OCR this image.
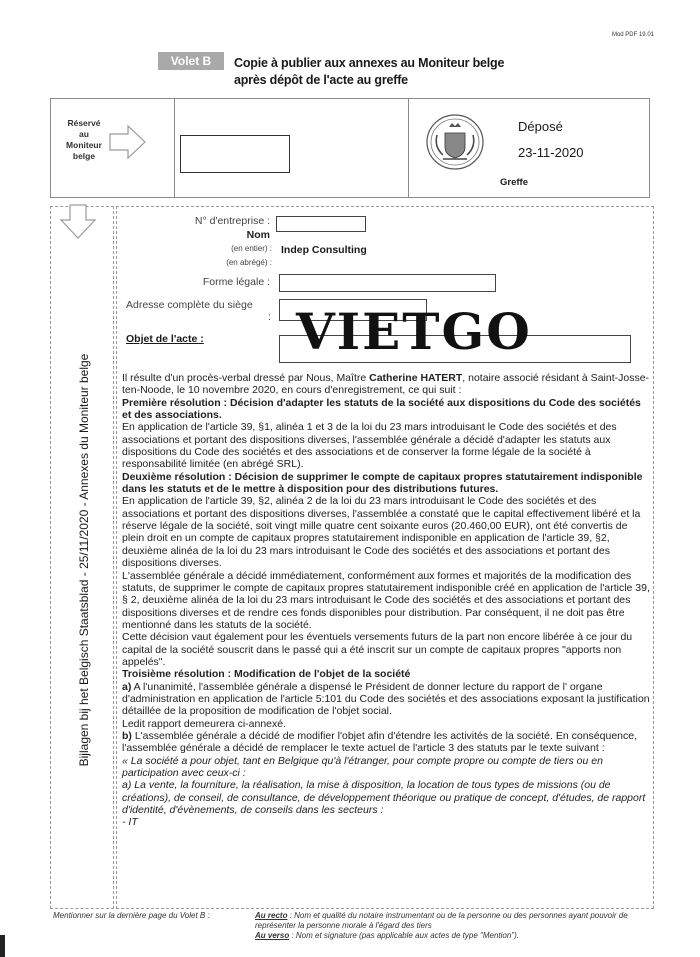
Mod PDF 19.01
Volet B	Copie à publier aux annexes au Moniteur belge
après dépôt de l'acte au greffe
Réservé
au
Moniteur
belge
Déposé
23-11-2020
Greffe
Bijlagen bij het Belgisch Staatsblad - 25/11/2020 - Annexes du Moniteur belge
N° d'entreprise :
Nom
(en entier) : Indep Consulting
(en abrégé) :
Forme légale :
Adresse complète du siège
:
Objet de l'acte : VIETGO

Il résulte d'un procès-verbal dressé par Nous, Maître Catherine HATERT, notaire associé résidant à Saint-Josse-ten-Noode, le 10 novembre 2020, en cours d'enregistrement, ce qui suit :

Première résolution : Décision d'adapter les statuts de la société aux dispositions du Code des sociétés et des associations.

En application de l'article 39, §1, alinéa 1 et 3 de la loi du 23 mars introduisant le Code des sociétés et des associations et portant des dispositions diverses, l'assemblée générale a décidé d'adapter les statuts aux dispositions du Code des sociétés et des associations et de conserver la forme légale de la société à responsabilité limitée (en abrégé SRL).

Deuxième résolution : Décision de supprimer le compte de capitaux propres statutairement indisponible dans les statuts et de le mettre à disposition pour des distributions futures.

En application de l'article 39, §2, alinéa 2 de la loi du 23 mars introduisant le Code des sociétés et des associations et portant des dispositions diverses, l'assemblée a constaté que le capital effectivement libéré et la réserve légale de la société, soit vingt mille quatre cent soixante euros (20.460,00 EUR), ont été convertis de plein droit en un compte de capitaux propres statutairement indisponible en application de l'article 39, §2, deuxième alinéa de la loi du 23 mars introduisant le Code des sociétés et des associations et portant des dispositions diverses.

L'assemblée générale a décidé immédiatement, conformément aux formes et majorités de la modification des statuts, de supprimer le compte de capitaux propres statutairement indisponible créé en application de l'article 39, § 2, deuxième alinéa de la loi du 23 mars introduisant le Code des sociétés et des associations et portant des dispositions diverses et de rendre ces fonds disponibles pour distribution. Par conséquent, il ne doit pas être mentionné dans les statuts de la société.

Cette décision vaut également pour les éventuels versements futurs de la part non encore libérée à ce jour du capital de la société souscrit dans le passé qui a été inscrit sur un compte de capitaux propres "apports non appelés".

Troisième résolution : Modification de l'objet de la société

a) A l'unanimité, l'assemblée générale a dispensé le Président de donner lecture du rapport de l' organe d'administration en application de l'article 5:101 du Code des sociétés et des associations exposant la justification détaillée de la proposition de modification de l'objet social.

Ledit rapport demeurera ci-annexé.

b) L'assemblée générale a décidé de modifier l'objet afin d'étendre les activités de la société. En conséquence, l'assemblée générale a décidé de remplacer le texte actuel de l'article 3 des statuts par le texte suivant :

« La société a pour objet, tant en Belgique qu'à l'étranger, pour compte propre ou compte de tiers ou en participation avec ceux-ci :

a) La vente, la fourniture, la réalisation, la mise à disposition, la location de tous types de missions (ou de créations), de conseil, de consultance, de développement théorique ou pratique de concept, d'études, de rapport d'identité, d'évènements, de conseils dans les secteurs :

- IT

Mentionner sur la dernière page du Volet B :	Au recto : Nom et qualité du notaire instrumentant ou de la personne ou des personnes ayant pouvoir de représenter la personne morale à l'égard des tiers
Au verso : Nom et signature (pas applicable aux actes de type "Mention").
